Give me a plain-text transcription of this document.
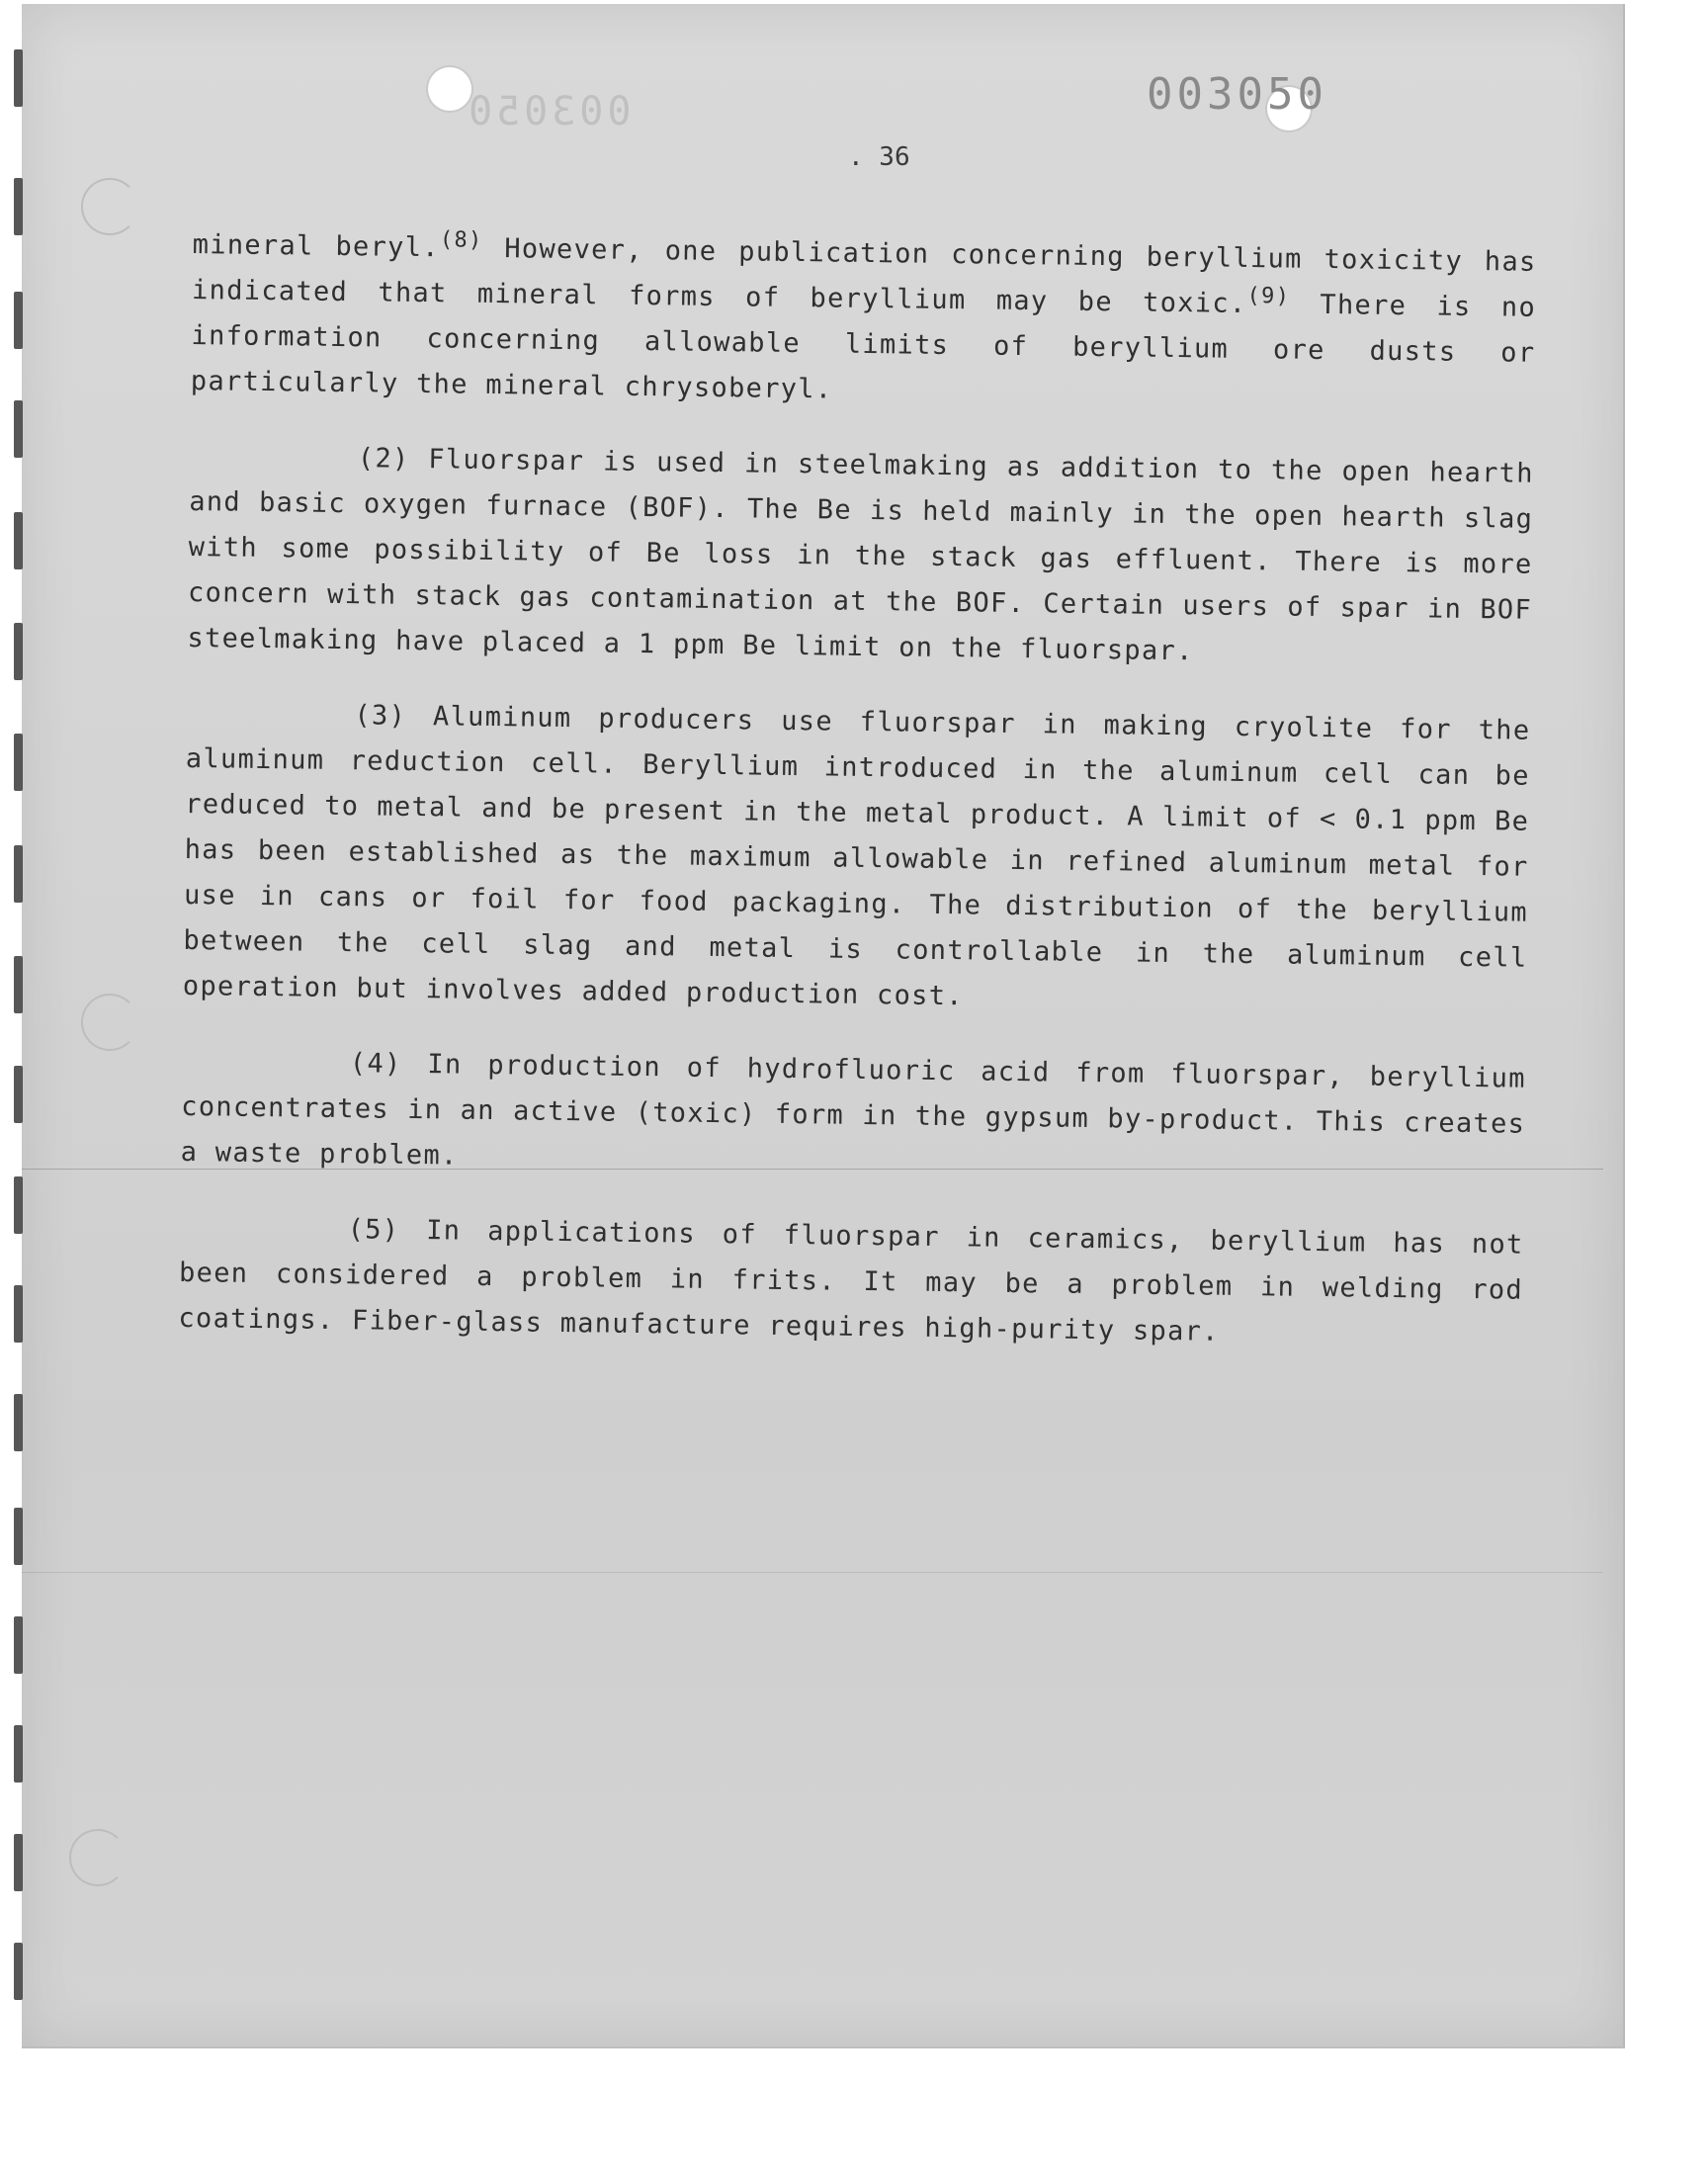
003050
003050
. 36

mineral beryl.$^{(8)}$ However, one publication concerning beryllium toxicity has indicated that mineral forms of beryllium may be toxic.$^{(9)}$ There is no information concerning allowable limits of beryllium ore dusts or particularly the mineral chrysoberyl.

(2) Fluorspar is used in steelmaking as addition to the open hearth and basic oxygen furnace (BOF). The Be is held mainly in the open hearth slag with some possibility of Be loss in the stack gas effluent. There is more concern with stack gas contamination at the BOF. Certain users of spar in BOF steelmaking have placed a 1 ppm Be limit on the fluorspar.

(3) Aluminum producers use fluorspar in making cryolite for the aluminum reduction cell. Beryllium introduced in the aluminum cell can be reduced to metal and be present in the metal product. A limit of < 0.1 ppm Be has been established as the maximum allowable in refined aluminum metal for use in cans or foil for food packaging. The distribution of the beryllium between the cell slag and metal is controllable in the aluminum cell operation but involves added production cost.

(4) In production of hydrofluoric acid from fluorspar, beryllium concentrates in an active (toxic) form in the gypsum by-product. This creates a waste problem.

(5) In applications of fluorspar in ceramics, beryllium has not been considered a problem in frits. It may be a problem in welding rod coatings. Fiber-glass manufacture requires high-purity spar.
